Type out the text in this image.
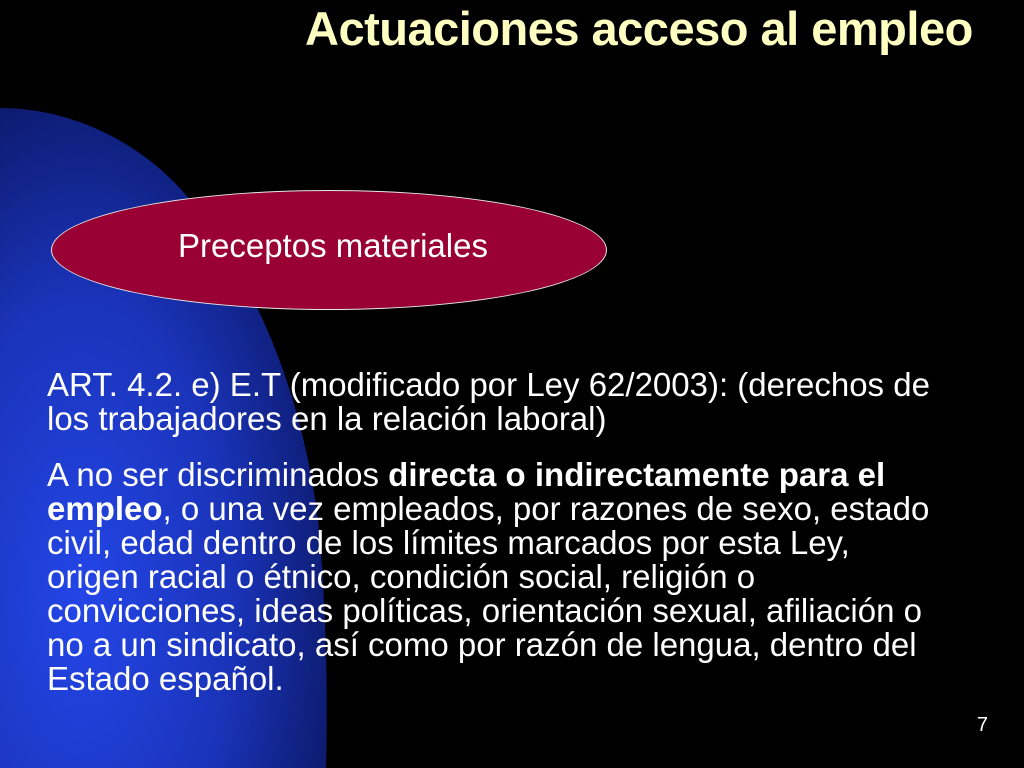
Actuaciones acceso al empleo
Preceptos materiales

ART. 4.2. e) E.T (modificado por Ley 62/2003): (derechos de los trabajadores en la relación laboral)

A no ser discriminados directa o indirectamente para el empleo, o una vez empleados, por razones de sexo, estado civil, edad dentro de los límites marcados por esta Ley, origen racial o étnico, condición social, religión o convicciones, ideas políticas, orientación sexual, afiliación o no a un sindicato, así como por razón de lengua, dentro del Estado español.

7
